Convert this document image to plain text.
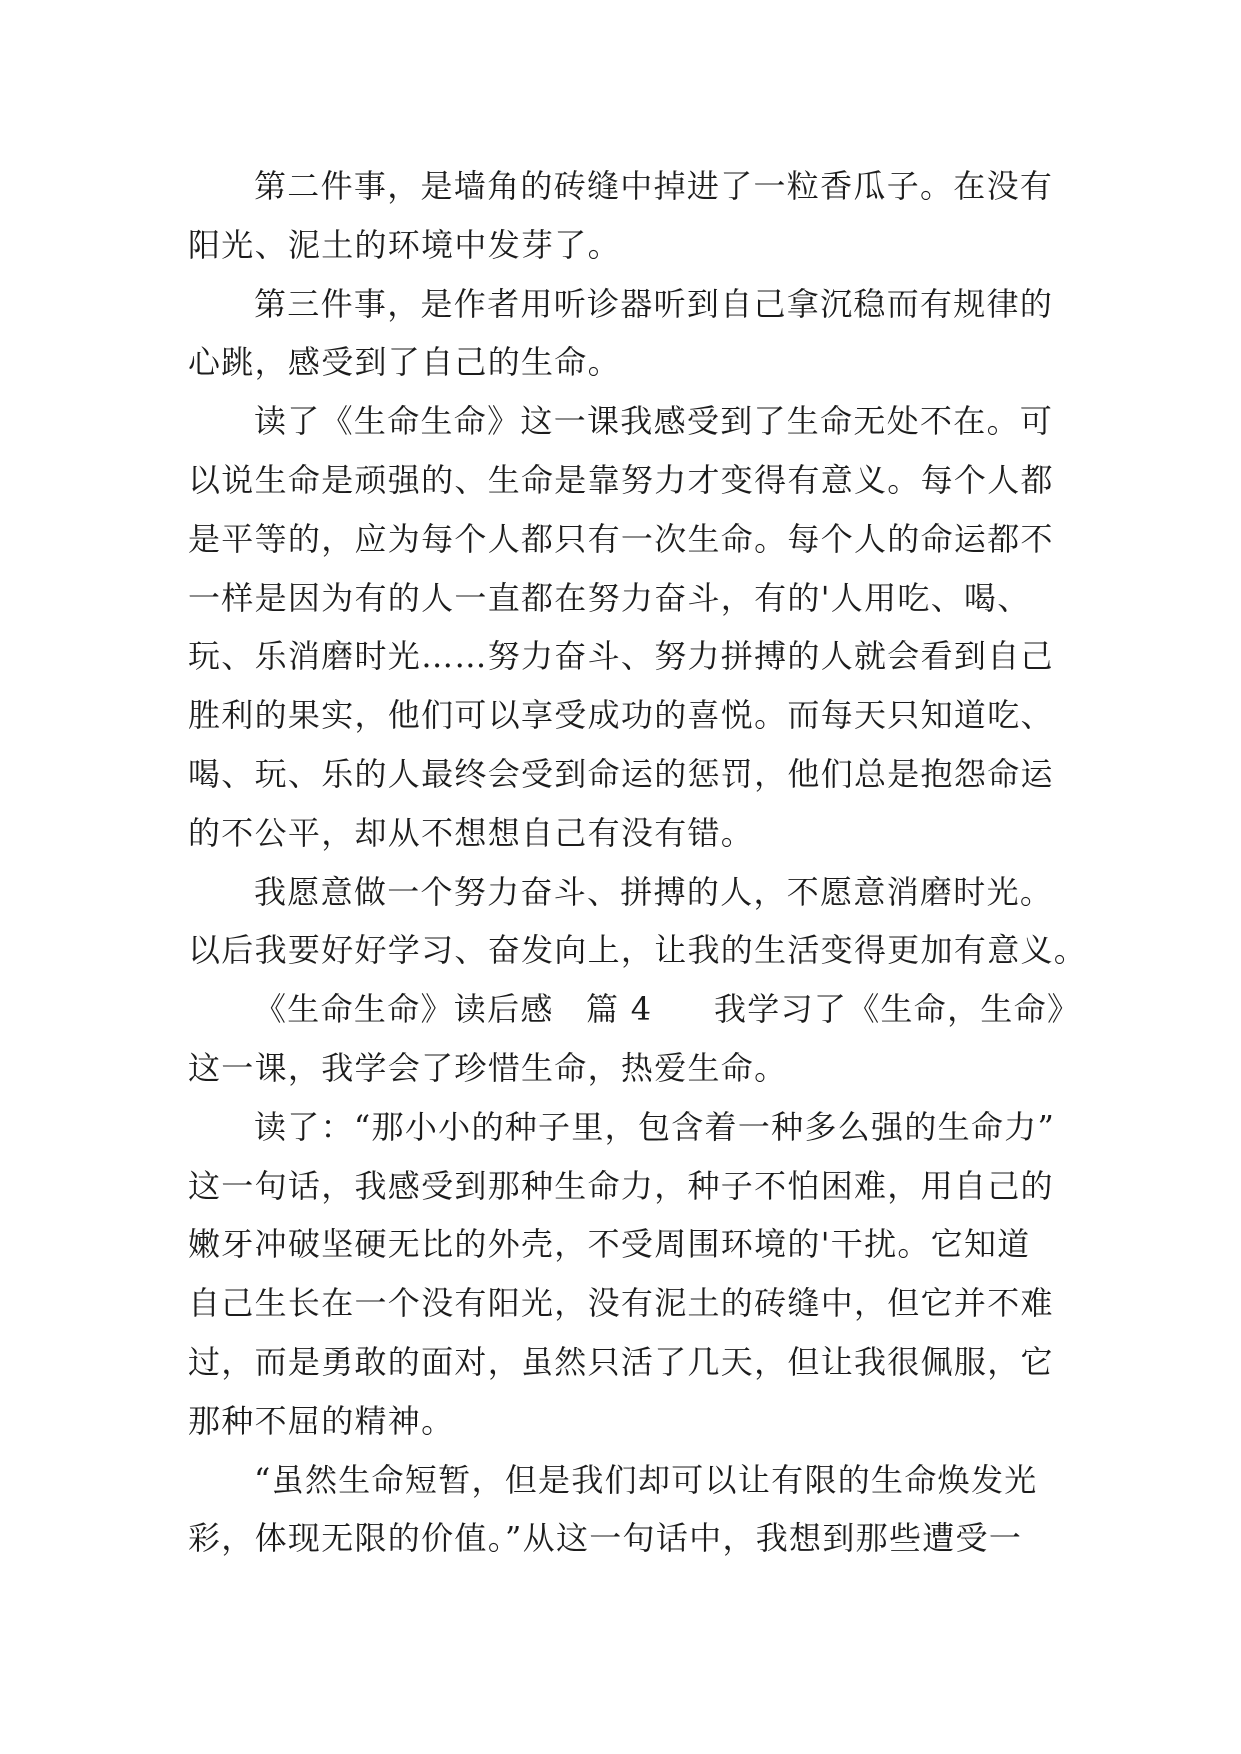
第二件事，是墙角的砖缝中掉进了一粒香瓜子。在没有
阳光、泥土的环境中发芽了。
第三件事，是作者用听诊器听到自己拿沉稳而有规律的
心跳，感受到了自己的生命。
读了《生命生命》这一课我感受到了生命无处不在。可
以说生命是顽强的、生命是靠努力才变得有意义。每个人都
是平等的，应为每个人都只有一次生命。每个人的命运都不
一样是因为有的人一直都在努力奋斗，有的'人用吃、喝、
玩、乐消磨时光……努力奋斗、努力拼搏的人就会看到自己
胜利的果实，他们可以享受成功的喜悦。而每天只知道吃、
喝、玩、乐的人最终会受到命运的惩罚，他们总是抱怨命运
的不公平，却从不想想自己有没有错。
我愿意做一个努力奋斗、拼搏的人，不愿意消磨时光。
以后我要好好学习、奋发向上，让我的生活变得更加有意义。
《生命生命》读后感 篇 4 我学习了《生命，生命》
这一课，我学会了珍惜生命，热爱生命。
读了：“那小小的种子里，包含着一种多么强的生命力”
这一句话，我感受到那种生命力，种子不怕困难，用自己的
嫩牙冲破坚硬无比的外壳，不受周围环境的'干扰。它知道
自己生长在一个没有阳光，没有泥土的砖缝中，但它并不难
过，而是勇敢的面对，虽然只活了几天，但让我很佩服，它
那种不屈的精神。
“虽然生命短暂，但是我们却可以让有限的生命焕发光
彩，体现无限的价值。”从这一句话中，我想到那些遭受一
